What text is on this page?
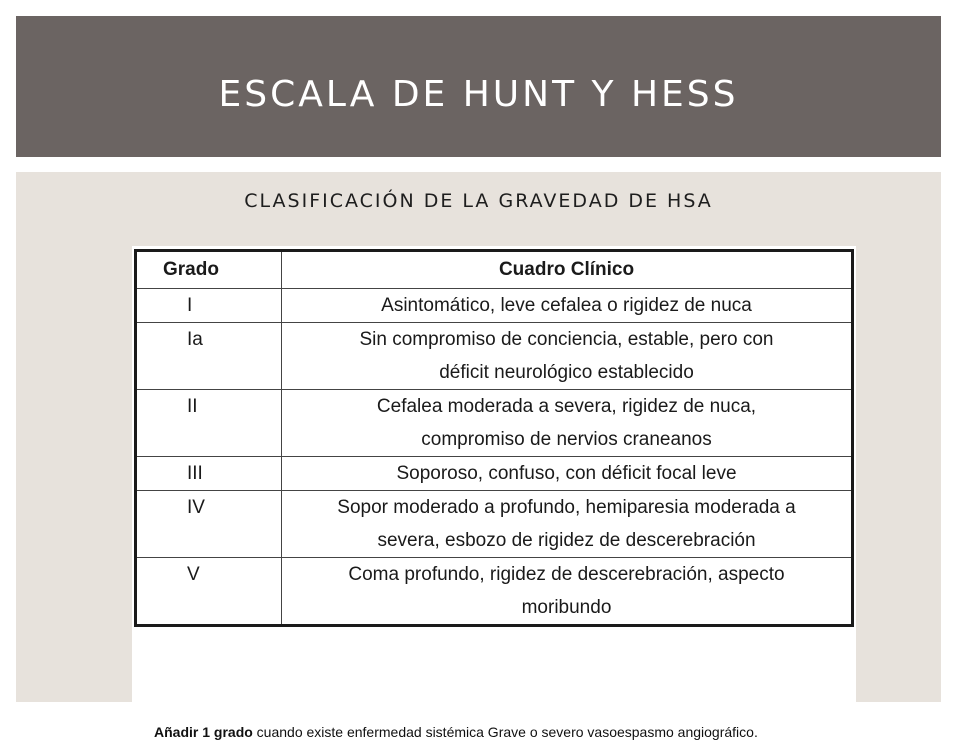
ESCALA DE HUNT Y HESS
CLASIFICACIÓN DE LA GRAVEDAD DE HSA
Grado	Cuadro Clínico
I	Asintomático, leve cefalea o rigidez de nuca

Ia	Sin compromiso de conciencia, estable, pero con
déficit neurológico establecido

II	Cefalea moderada a severa, rigidez de nuca,
compromiso de nervios craneanos

III	Soporoso, confuso, con déficit focal leve

IV	Sopor moderado a profundo, hemiparesia moderada a
severa, esbozo de rigidez de descerebración

V	Coma profundo, rigidez de descerebración, aspecto
moribundo
Añadir 1 grado cuando existe enfermedad sistémica Grave o severo vasoespasmo angiográfico.
